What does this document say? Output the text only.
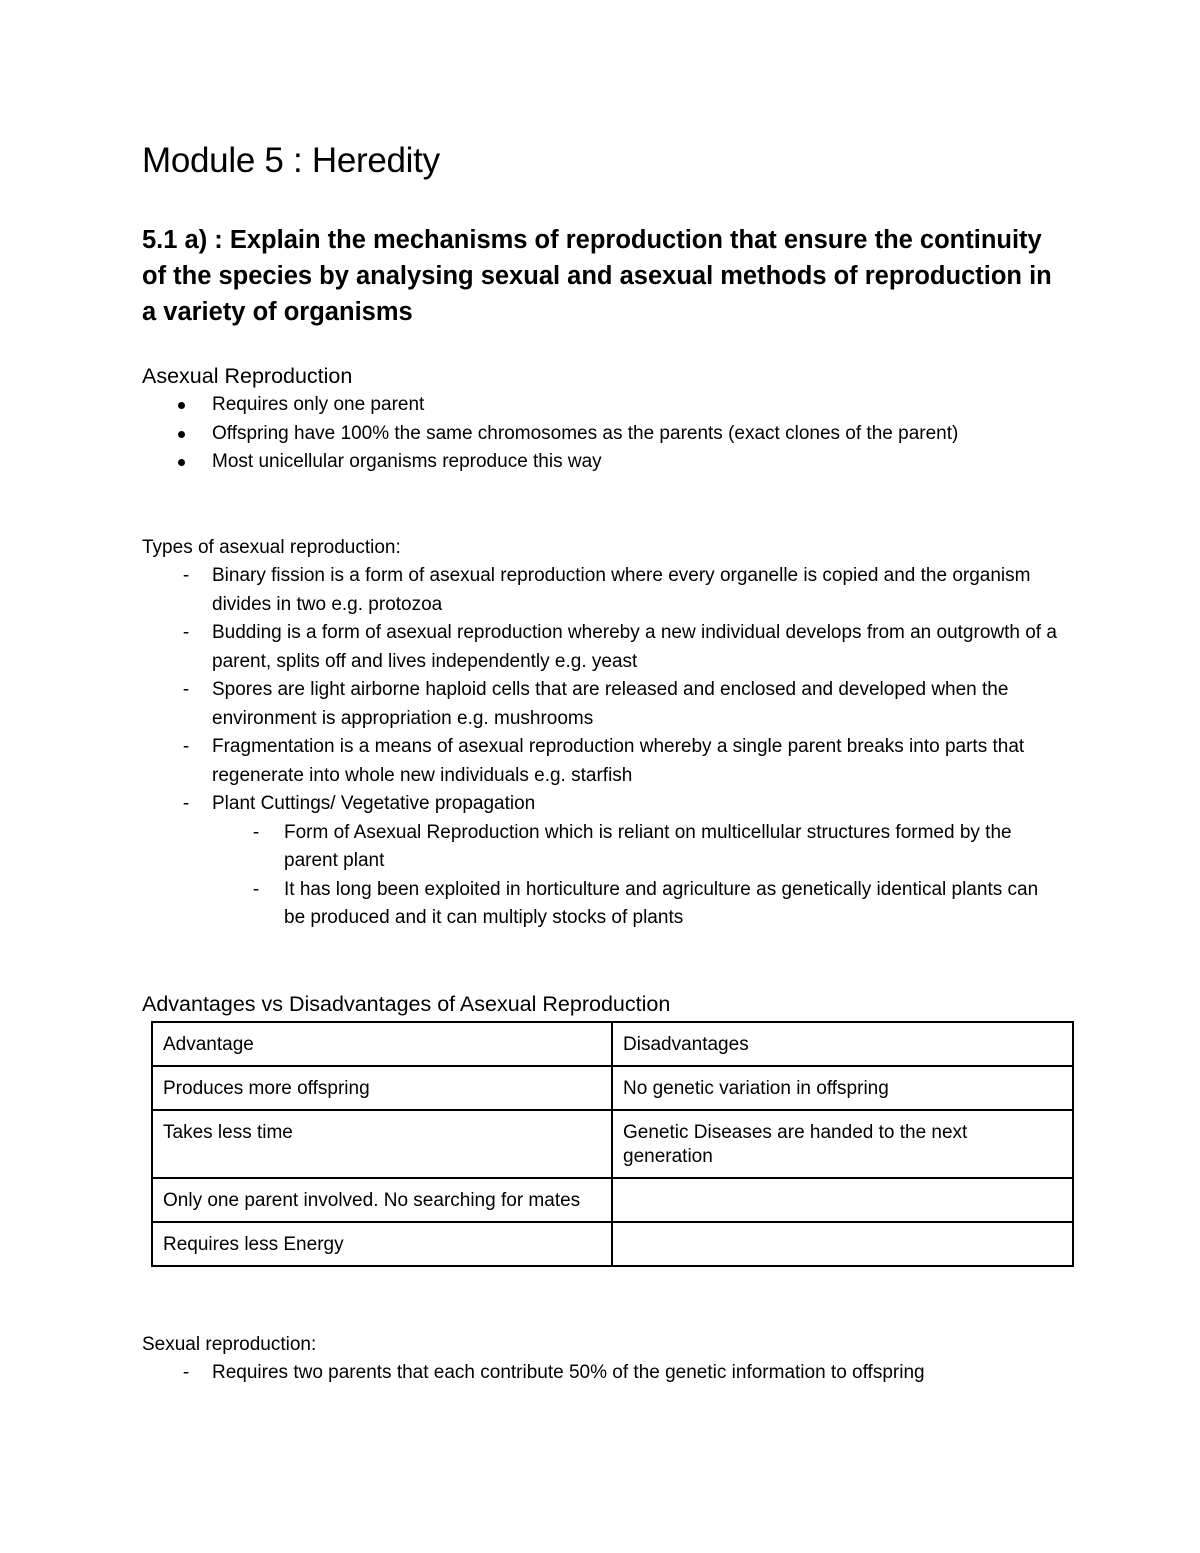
Module 5 : Heredity
5.1 a) : Explain the mechanisms of reproduction that ensure the continuity of the species by analysing sexual and asexual methods of reproduction in a variety of organisms

Asexual Reproduction

Requires only one parent
Offspring have 100% the same chromosomes as the parents (exact clones of the parent)
Most unicellular organisms reproduce this way

Types of asexual reproduction:

-	Binary fission is a form of asexual reproduction where every organelle is copied and the organism divides in two e.g. protozoa
-	Budding is a form of asexual reproduction whereby a new individual develops from an outgrowth of a parent, splits off and lives independently e.g. yeast
-	Spores are light airborne haploid cells that are released and enclosed and developed when the environment is appropriation e.g. mushrooms
-	Fragmentation is a means of asexual reproduction whereby a single parent breaks into parts that regenerate into whole new individuals e.g. starfish
-	Plant Cuttings/ Vegetative propagation
-	Form of Asexual Reproduction which is reliant on multicellular structures formed by the parent plant
-	It has long been exploited in horticulture and agriculture as genetically identical plants can be produced and it can multiply stocks of plants

Advantages vs Disadvantages of Asexual Reproduction

Advantage	Disadvantages
Produces more offspring	No genetic variation in offspring
Takes less time	Genetic Diseases are handed to the next generation
Only one parent involved. No searching for mates	
Requires less Energy	

Sexual reproduction:

-	Requires two parents that each contribute 50% of the genetic information to offspring
